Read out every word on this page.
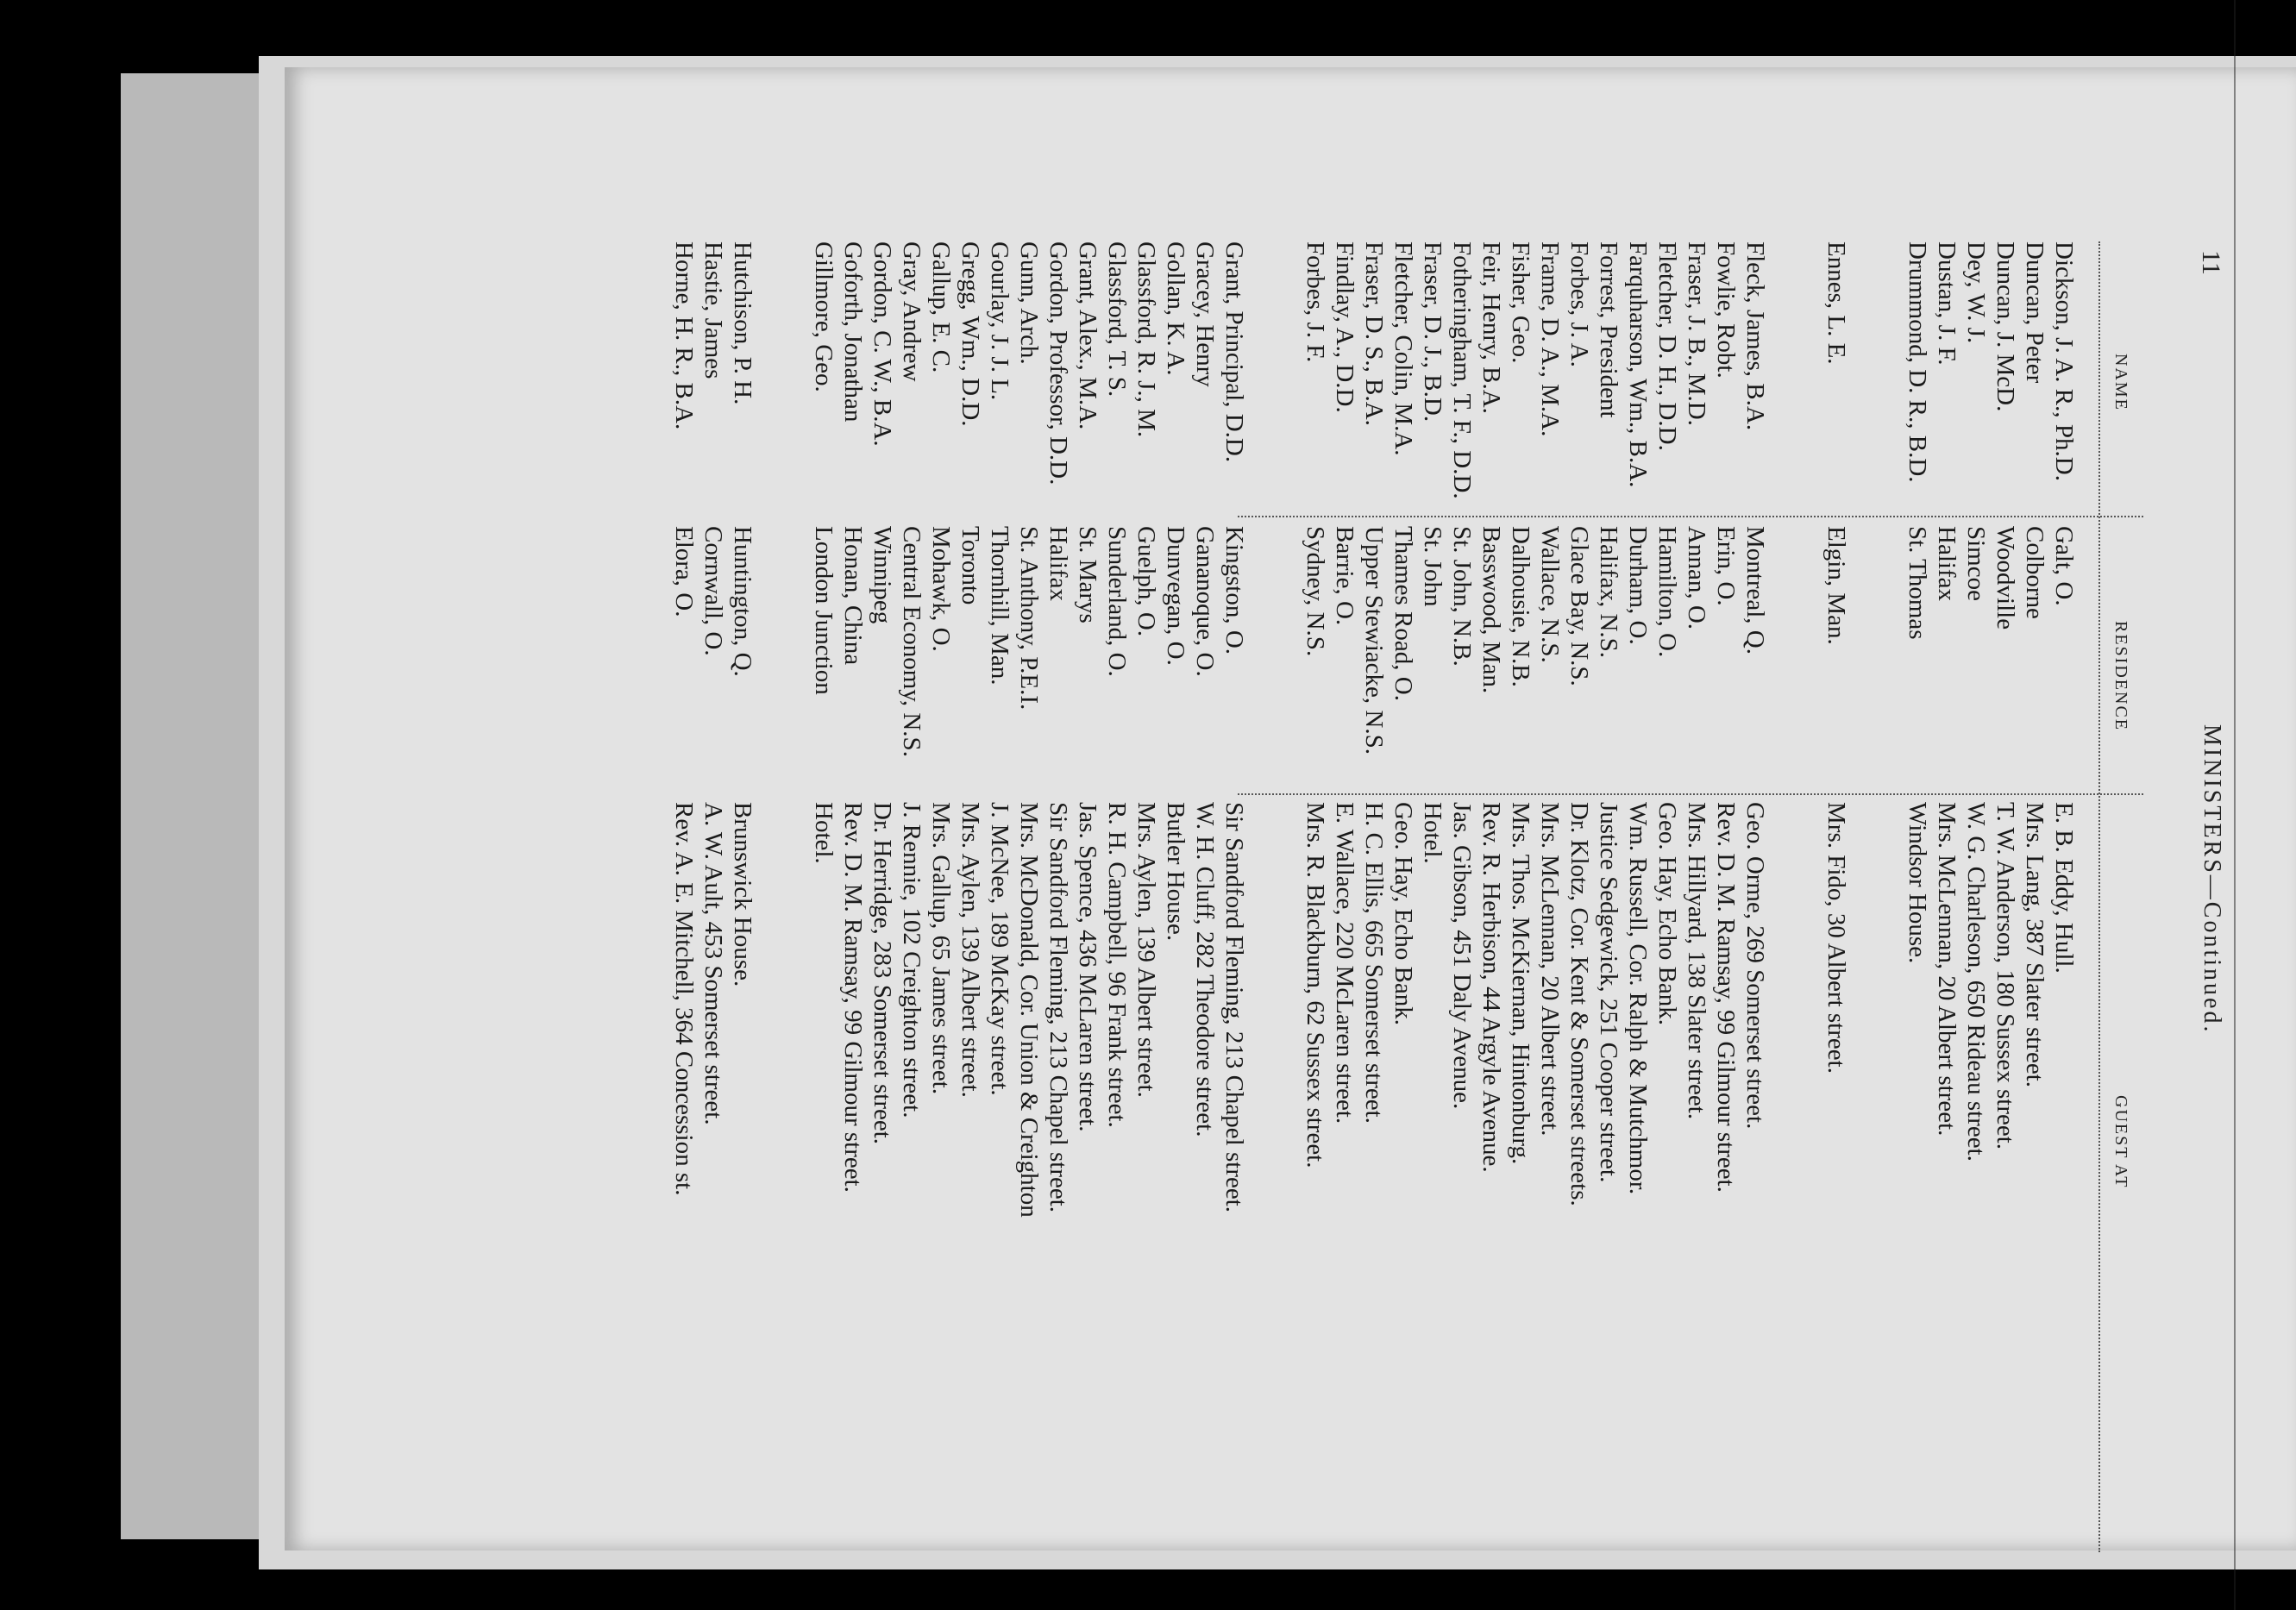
11
MINISTERS—Continued.
NAME
RESIDENCE
GUEST AT
Dickson, J. A. R., Ph.D.
Galt, O.
E. B. Eddy, Hull.
Duncan, Peter
Colborne
Mrs. Lang, 387 Slater street.
Duncan, J. McD.
Woodville
T. W. Anderson, 180 Sussex street.
Dey, W. J.
Simcoe
W. G. Charleson, 650 Rideau street.
Dustan, J. F.
Halifax
Mrs. McLennan, 20 Albert street.
Drummond, D. R., B.D.
St. Thomas
Windsor House.
Ennes, L. E.
Elgin, Man.
Mrs. Fido, 30 Albert street.
Fleck, James, B.A.
Montreal, Q.
Geo. Orme, 269 Somerset street.
Fowlie, Robt.
Erin, O.
Rev. D. M. Ramsay, 99 Gilmour street.
Fraser, J. B., M.D.
Annan, O.
Mrs. Hillyard, 138 Slater street.
Fletcher, D. H., D.D.
Hamilton, O.
Geo. Hay, Echo Bank.
Farquharson, Wm., B.A.
Durham, O.
Wm. Russell, Cor. Ralph & Mutchmor.
Forrest, President
Halifax, N.S.
Justice Sedgewick, 251 Cooper street.
Forbes, J. A.
Glace Bay, N.S.
Dr. Klotz, Cor. Kent & Somerset streets.
Frame, D. A., M.A.
Wallace, N.S.
Mrs. McLennan, 20 Albert street.
Fisher, Geo.
Dalhousie, N.B.
Mrs. Thos. McKiernan, Hintonburg.
Feir, Henry, B.A.
Basswood, Man.
Rev. R. Herbison, 44 Argyle Avenue.
Fotheringham, T. F., D.D.
St. John, N.B.
Jas. Gibson, 451 Daly Avenue.
Fraser, D. J., B.D.
St. John
Hotel.
Fletcher, Colin, M.A.
Thames Road, O.
Geo. Hay, Echo Bank.
Fraser, D. S., B.A.
Upper Stewiacke, N.S.
H. C. Ellis, 665 Somerset street.
Findlay, A., D.D.
Barrie, O.
E. Wallace, 220 McLaren street.
Forbes, J. F.
Sydney, N.S.
Mrs. R. Blackburn, 62 Sussex street.
Grant, Principal, D.D.
Kingston, O.
Sir Sandford Fleming, 213 Chapel street.
Gracey, Henry
Gananoque, O.
W. H. Cluff, 282 Theodore street.
Gollan, K. A.
Dunvegan, O.
Butler House.
Glassford, R. J., M.
Guelph, O.
Mrs. Aylen, 139 Albert street.
Glassford, T. S.
Sunderland, O.
R. H. Campbell, 96 Frank street.
Grant, Alex., M.A.
St. Marys
Jas. Spence, 436 McLaren street.
Gordon, Professor, D.D.
Halifax
Sir Sandford Fleming, 213 Chapel street.
Gunn, Arch.
St. Anthony, P.E.I.
Mrs. McDonald, Cor. Union & Creighton
Gourlay, J. J. L.
Thornhill, Man.
J. McNee, 189 McKay street.
Gregg, Wm., D.D.
Toronto
Mrs. Aylen, 139 Albert street.
Gallup, E. C.
Mohawk, O.
Mrs. Gallup, 65 James street.
Gray, Andrew
Central Economy, N.S.
J. Rennie, 102 Creighton street.
Gordon, C. W., B.A.
Winnipeg
Dr. Herridge, 283 Somerset street.
Goforth, Jonathan
Honan, China
Rev. D. M. Ramsay, 99 Gilmour street.
Gillmore, Geo.
London Junction
Hotel.
Hutchison, P. H.
Huntington, Q.
Brunswick House.
Hastie, James
Cornwall, O.
A. W. Ault, 453 Somerset street.
Horne, H. R., B.A.
Elora, O.
Rev. A. E. Mitchell, 364 Concession st.
